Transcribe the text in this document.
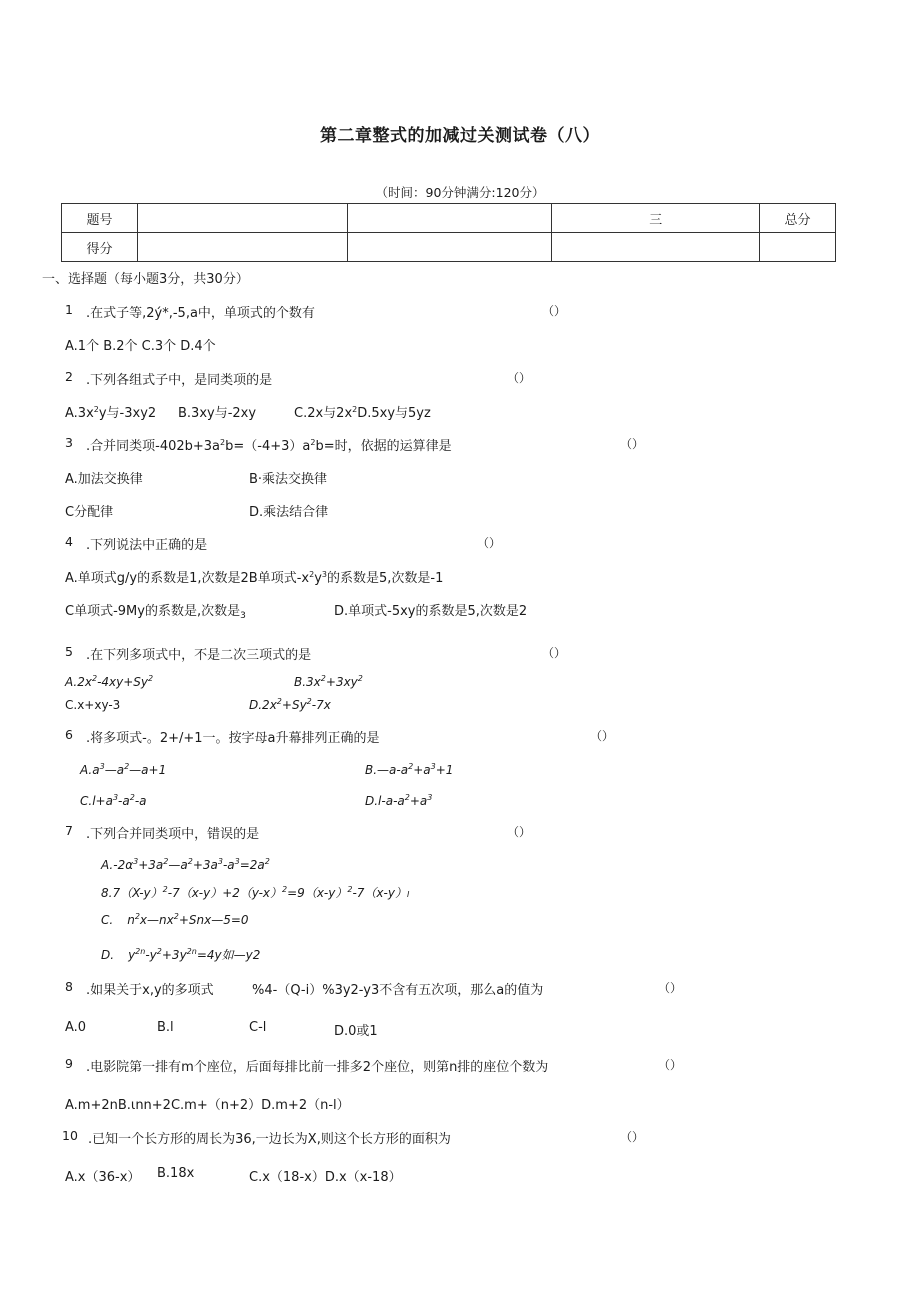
第二章整式的加减过关测试卷（八）
（时间：90分钟满分:120分）
题号			三	总分
得分				
一、选择题（每小题3分，共30分）
1 .在式子等,2ý*,-5,a中，单项式的个数有	（）
A.1个 B.2个 C.3个 D.4个
2 .下列各组式子中，是同类项的是	（）
$A.3x^2y$与-3xy2 B.3xy与-2xy	C.2x与$2x^2D.5xy$与5yz
3 .合并同类项$-402b+3a^2b=(-4+3)a^2b=$时，依据的运算律是	（）
A.加法交换律	B·乘法交换律
C分配律	D.乘法结合律
4 .下列说法中正确的是	（）
A.单项式g/y的系数是1,次数是2B单项式$-x^2y^3$的系数是5,次数是-1
C单项式-9My的系数是,次数是$_3$	D.单项式-5xy的系数是5,次数是2
5 .在下列多项式中，不是二次三项式的是	（）
$A.2x^2-4xy+Sy^2$	$B.3x^2+3xy^2$
C.x+xy-3	$D.2x^2+Sy^2-7x$
6 .将多项式-。2+/+1一。按字母a升幕排列正确的是	（）
$A.a^3—a^2—a+1$	$B.—a-a^2+a^3+1$
$C.l+a^3-a^2-a$	$D.l-a-a^2+a^3$
7 .下列合并同类项中，错误的是	（）
$A.-2\alpha^3+3a^2—a^2+3a^3-a^3=2a^2$
$8.7(X-y)^2-7(x-y)+2(y-x)^2=9(x-y)^2-7(x-y)I$
C. $n^2x—nx^2+Snx—5=0$
D. $y^{2n}-y^2+3y^{2n}=4y$如—y2
8 .如果关于x,y的多项式	%4-（Q-i）%3y2-y3不含有五次项，那么a的值为	（）
A.0	B.l	C-l	D.0或1
9 .电影院第一排有m个座位，后面每排比前一排多2个座位，则第n排的座位个数为	（）
A.m+2nB.ιnn+2C.m+（n+2）D.m+2（n-l）
10 .已知一个长方形的周长为36,一边长为X,则这个长方形的面积为	（）
A.x（36-x） B.18x	C.x（18-x）D.x（x-18）
